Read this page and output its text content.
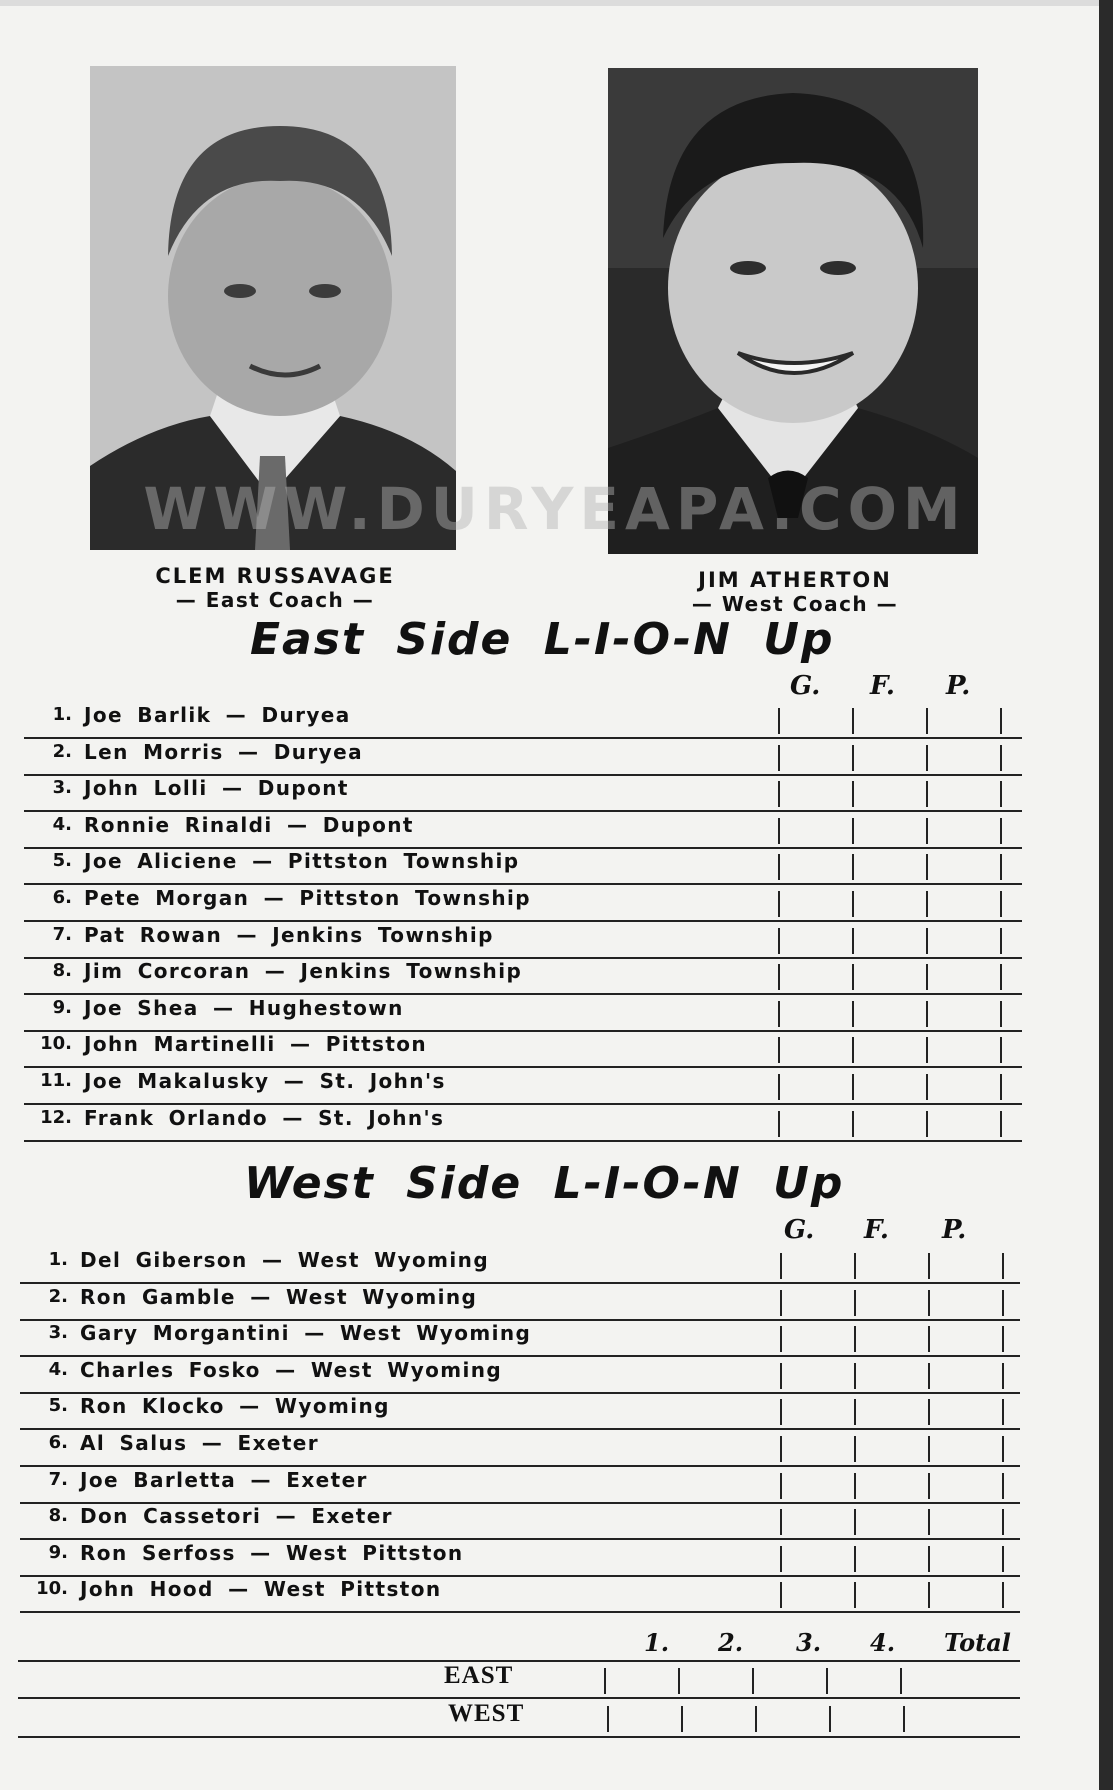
WWW.DURYEAPA.COM
CLEM RUSSAVAGE
— East Coach —
JIM ATHERTON
— West Coach —
East Side L-I-O-N Up
G. F. P.
1. Joe Barlik — Duryea
2. Len Morris — Duryea
3. John Lolli — Dupont
4. Ronnie Rinaldi — Dupont
5. Joe Aliciene — Pittston Township
6. Pete Morgan — Pittston Township
7. Pat Rowan — Jenkins Township
8. Jim Corcoran — Jenkins Township
9. Joe Shea — Hughestown
10. John Martinelli — Pittston
11. Joe Makalusky — St. John's
12. Frank Orlando — St. John's
West Side L-I-O-N Up
G. F. P.
1. Del Giberson — West Wyoming
2. Ron Gamble — West Wyoming
3. Gary Morgantini — West Wyoming
4. Charles Fosko — West Wyoming
5. Ron Klocko — Wyoming
6. Al Salus — Exeter
7. Joe Barletta — Exeter
8. Don Cassetori — Exeter
9. Ron Serfoss — West Pittston
10. John Hood — West Pittston
1. 2. 3. 4. Total
EAST
WEST
